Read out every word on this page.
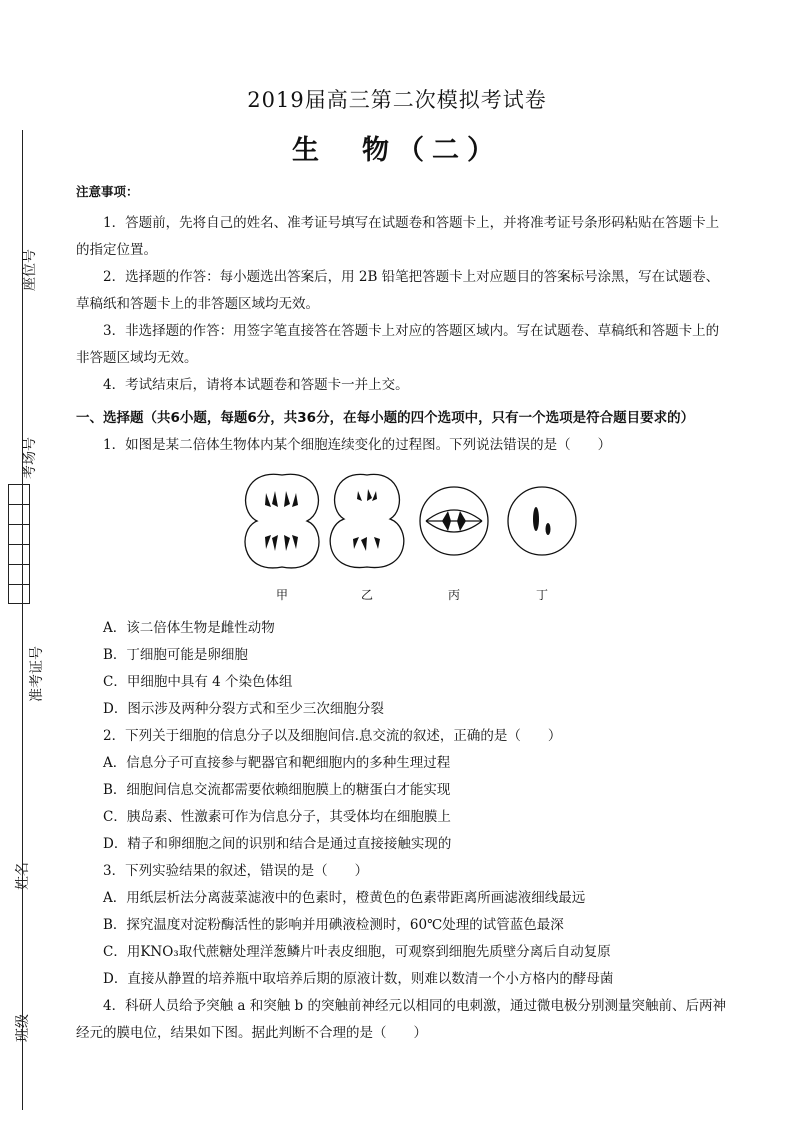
座位号
考场号
准考证号
姓名
班级
2019届高三第二次模拟考试卷
生　物（二）
注意事项：
1．答题前，先将自己的姓名、准考证号填写在试题卷和答题卡上，并将准考证号条形码粘贴在答题卡上的指定位置。
2．选择题的作答：每小题选出答案后，用 2B 铅笔把答题卡上对应题目的答案标号涂黑，写在试题卷、草稿纸和答题卡上的非答题区域均无效。
3．非选择题的作答：用签字笔直接答在答题卡上对应的答题区域内。写在试题卷、草稿纸和答题卡上的非答题区域均无效。
4．考试结束后，请将本试题卷和答题卡一并上交。
一、选择题（共6小题，每题6分，共36分，在每小题的四个选项中，只有一个选项是符合题目要求的）
1．如图是某二倍体生物体内某个细胞连续变化的过程图。下列说法错误的是（　　）
甲	乙	丙	丁
A．该二倍体生物是雌性动物
B．丁细胞可能是卵细胞
C．甲细胞中具有 4 个染色体组
D．图示涉及两种分裂方式和至少三次细胞分裂
2．下列关于细胞的信息分子以及细胞间信.息交流的叙述，正确的是（　　）
A．信息分子可直接参与靶器官和靶细胞内的多种生理过程
B．细胞间信息交流都需要依赖细胞膜上的糖蛋白才能实现
C．胰岛素、性激素可作为信息分子，其受体均在细胞膜上
D．精子和卵细胞之间的识别和结合是通过直接接触实现的
3．下列实验结果的叙述，错误的是（　　）
A．用纸层析法分离菠菜滤液中的色素时，橙黄色的色素带距离所画滤液细线最远
B．探究温度对淀粉酶活性的影响并用碘液检测时，60℃处理的试管蓝色最深
C．用KNO₃取代蔗糖处理洋葱鳞片叶表皮细胞，可观察到细胞先质壁分离后自动复原
D．直接从静置的培养瓶中取培养后期的原液计数，则难以数清一个小方格内的酵母菌
4．科研人员给予突触 a 和突触 b 的突触前神经元以相同的电刺激，通过微电极分别测量突触前、后两神经元的膜电位，结果如下图。据此判断不合理的是（　　）
